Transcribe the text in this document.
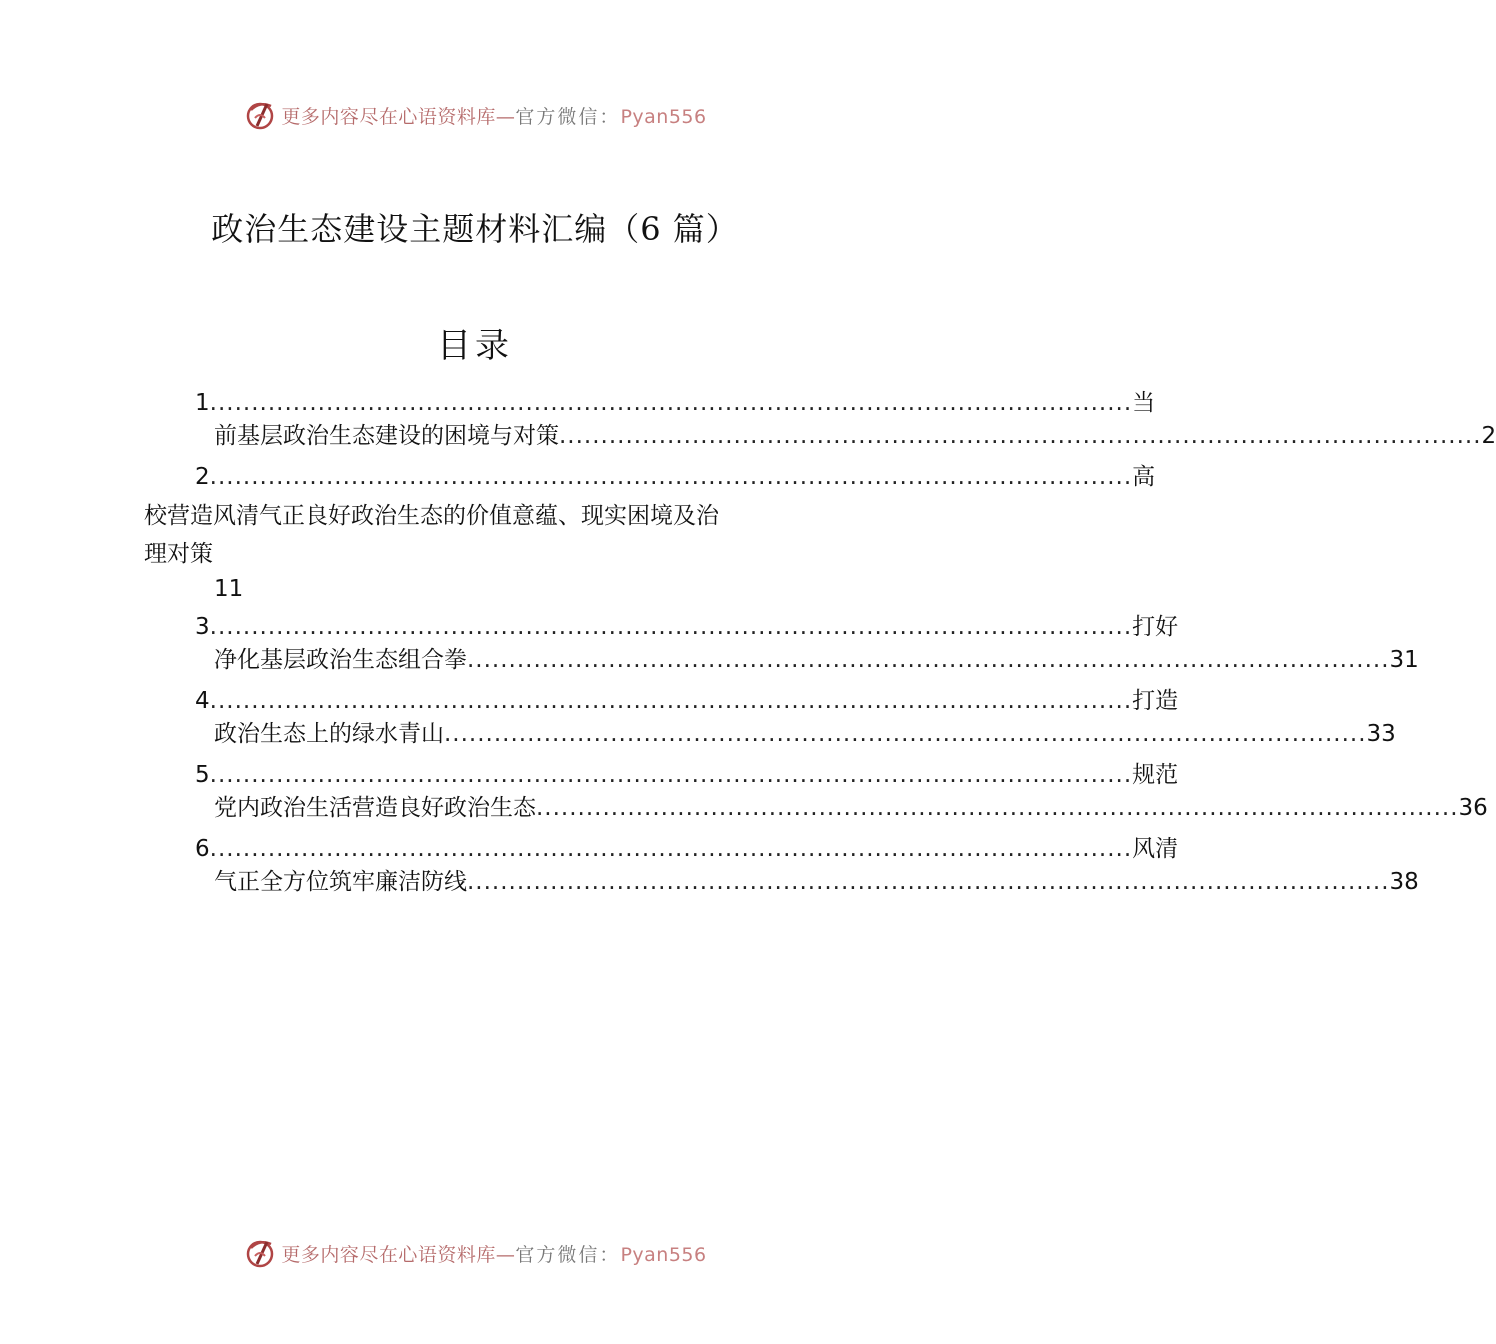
更多内容尽在心语资料库—官方微信：Pyan556
政治生态建设主题材料汇编（6 篇）
目录
1 ............................................................................................................... 当
前基层政治生态建设的困境与对策 ............................................................................................................... 2
2 ............................................................................................................... 高
校营造风清气正良好政治生态的价值意蕴、现实困境及治
理对策
11
3 ............................................................................................................... 打好
净化基层政治生态组合拳 ............................................................................................................... 31
4 ............................................................................................................... 打造
政治生态上的绿水青山 ............................................................................................................... 33
5 ............................................................................................................... 规范
党内政治生活营造良好政治生态 ............................................................................................................... 36
6 ............................................................................................................... 风清
气正全方位筑牢廉洁防线 ............................................................................................................... 38
更多内容尽在心语资料库—官方微信：Pyan556
